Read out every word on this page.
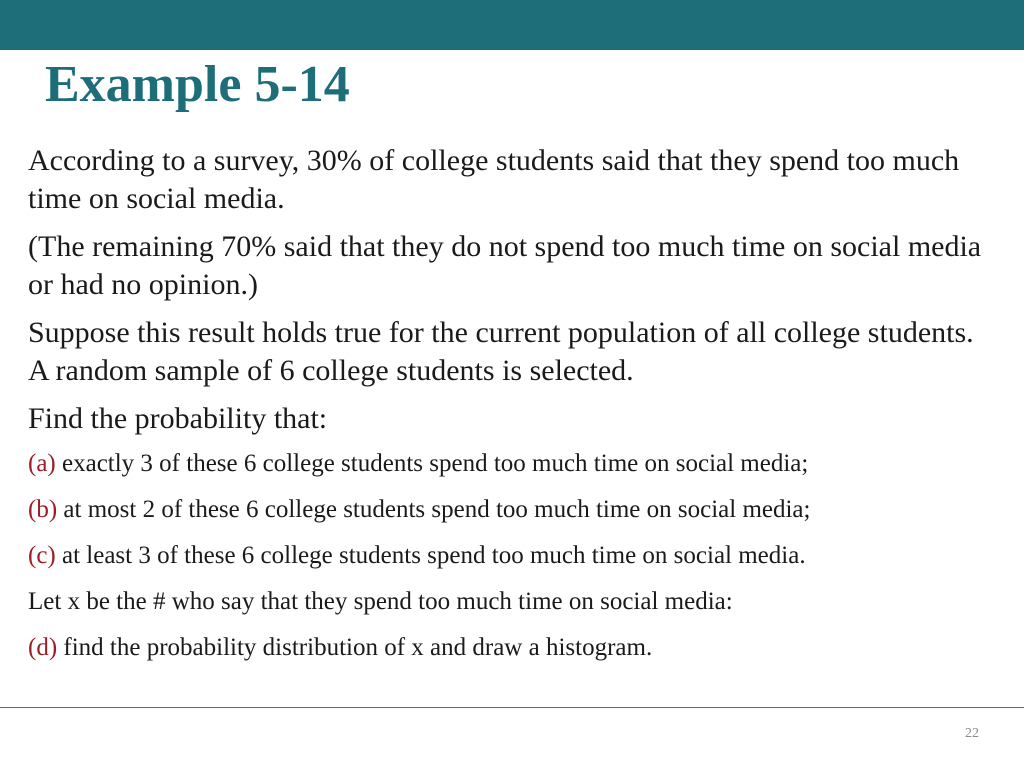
Example 5-14

According to a survey, 30% of college students said that they spend too much time on social media.

(The remaining 70% said that they do not spend too much time on social media or had no opinion.)

Suppose this result holds true for the current population of all college students. A random sample of 6 college students is selected.

Find the probability that:

(a) exactly 3 of these 6 college students spend too much time on social media;

(b) at most 2 of these 6 college students spend too much time on social media;

(c) at least 3 of these 6 college students spend too much time on social media.

Let x be the # who say that they spend too much time on social media:

(d) find the probability distribution of x and draw a histogram.

22
